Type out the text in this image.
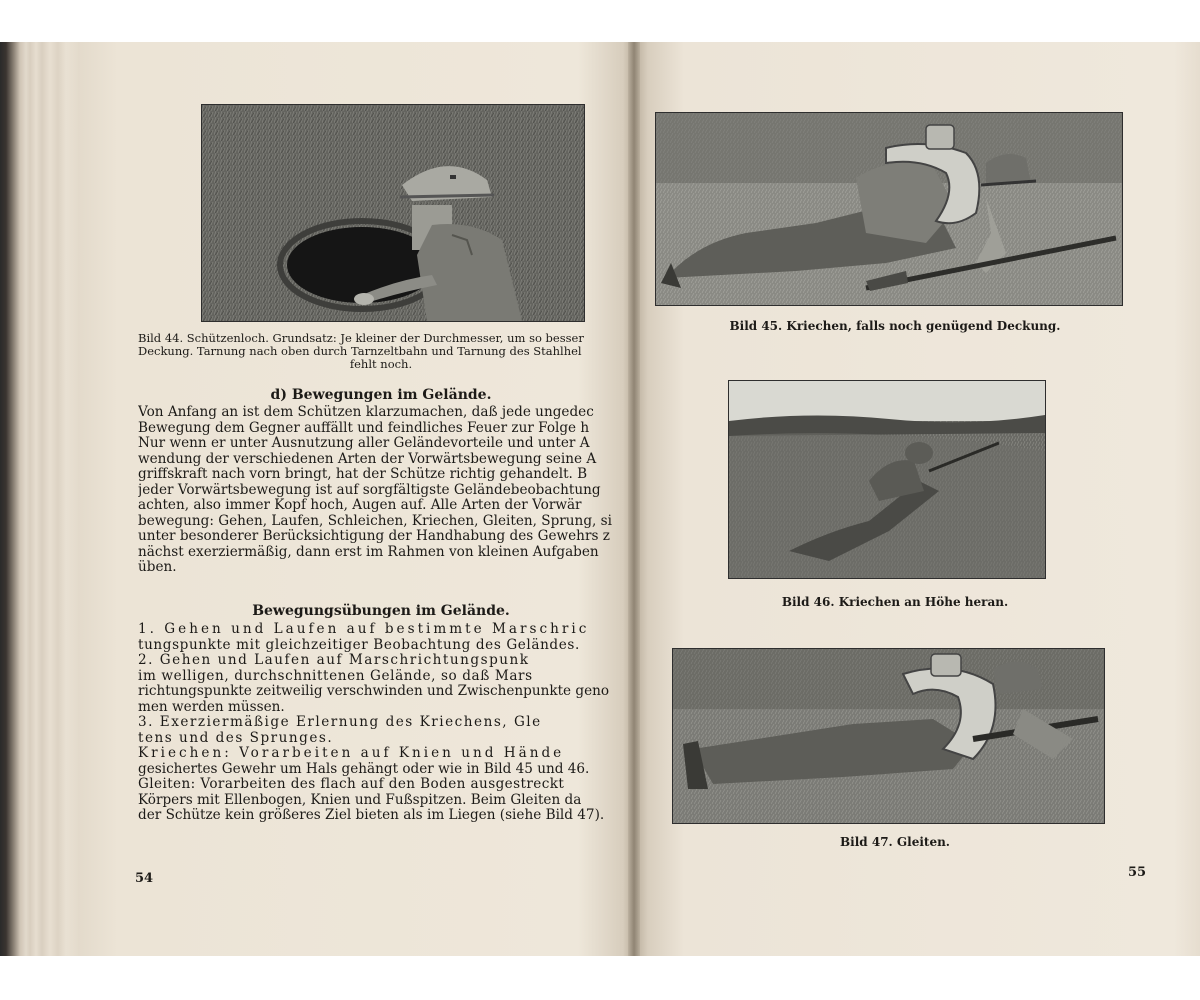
Bild 44. Schützenloch. Grundsatz: Je kleiner der Durchmesser, um so besser
Deckung. Tarnung nach oben durch Tarnzeltbahn und Tarnung des Stahlhel
fehlt noch.
d) Bewegungen im Gelände.
Von Anfang an ist dem Schützen klarzumachen, daß jede ungedec
Bewegung dem Gegner auffällt und feindliches Feuer zur Folge h
Nur wenn er unter Ausnutzung aller Geländevorteile und unter A
wendung der verschiedenen Arten der Vorwärtsbewegung seine A
griffskraft nach vorn bringt, hat der Schütze richtig gehandelt. B
jeder Vorwärtsbewegung ist auf sorgfältigste Geländebeobachtung
achten, also immer Kopf hoch, Augen auf. Alle Arten der Vorwär
bewegung: Gehen, Laufen, Schleichen, Kriechen, Gleiten, Sprung, si
unter besonderer Berücksichtigung der Handhabung des Gewehrs z
nächst exerziermäßig, dann erst im Rahmen von kleinen Aufgaben
üben.
Bewegungsübungen im Gelände.
1. Gehen und Laufen auf bestimmte Marschric
tungspunkte mit gleichzeitiger Beobachtung des Geländes.
2. Gehen und Laufen auf Marschrichtungspunk
im welligen, durchschnittenen Gelände, so daß Mars
richtungspunkte zeitweilig verschwinden und Zwischenpunkte geno
men werden müssen.
3. Exerziermäßige Erlernung des Kriechens, Gle
tens und des Sprunges.
Kriechen: Vorarbeiten auf Knien und Hände
gesichertes Gewehr um Hals gehängt oder wie in Bild 45 und 46.
Gleiten: Vorarbeiten des flach auf den Boden ausgestreckt
Körpers mit Ellenbogen, Knien und Fußspitzen. Beim Gleiten da
der Schütze kein größeres Ziel bieten als im Liegen (siehe Bild 47).
54
Bild 45. Kriechen, falls noch genügend Deckung.
Bild 46. Kriechen an Höhe heran.
Bild 47. Gleiten.
55
